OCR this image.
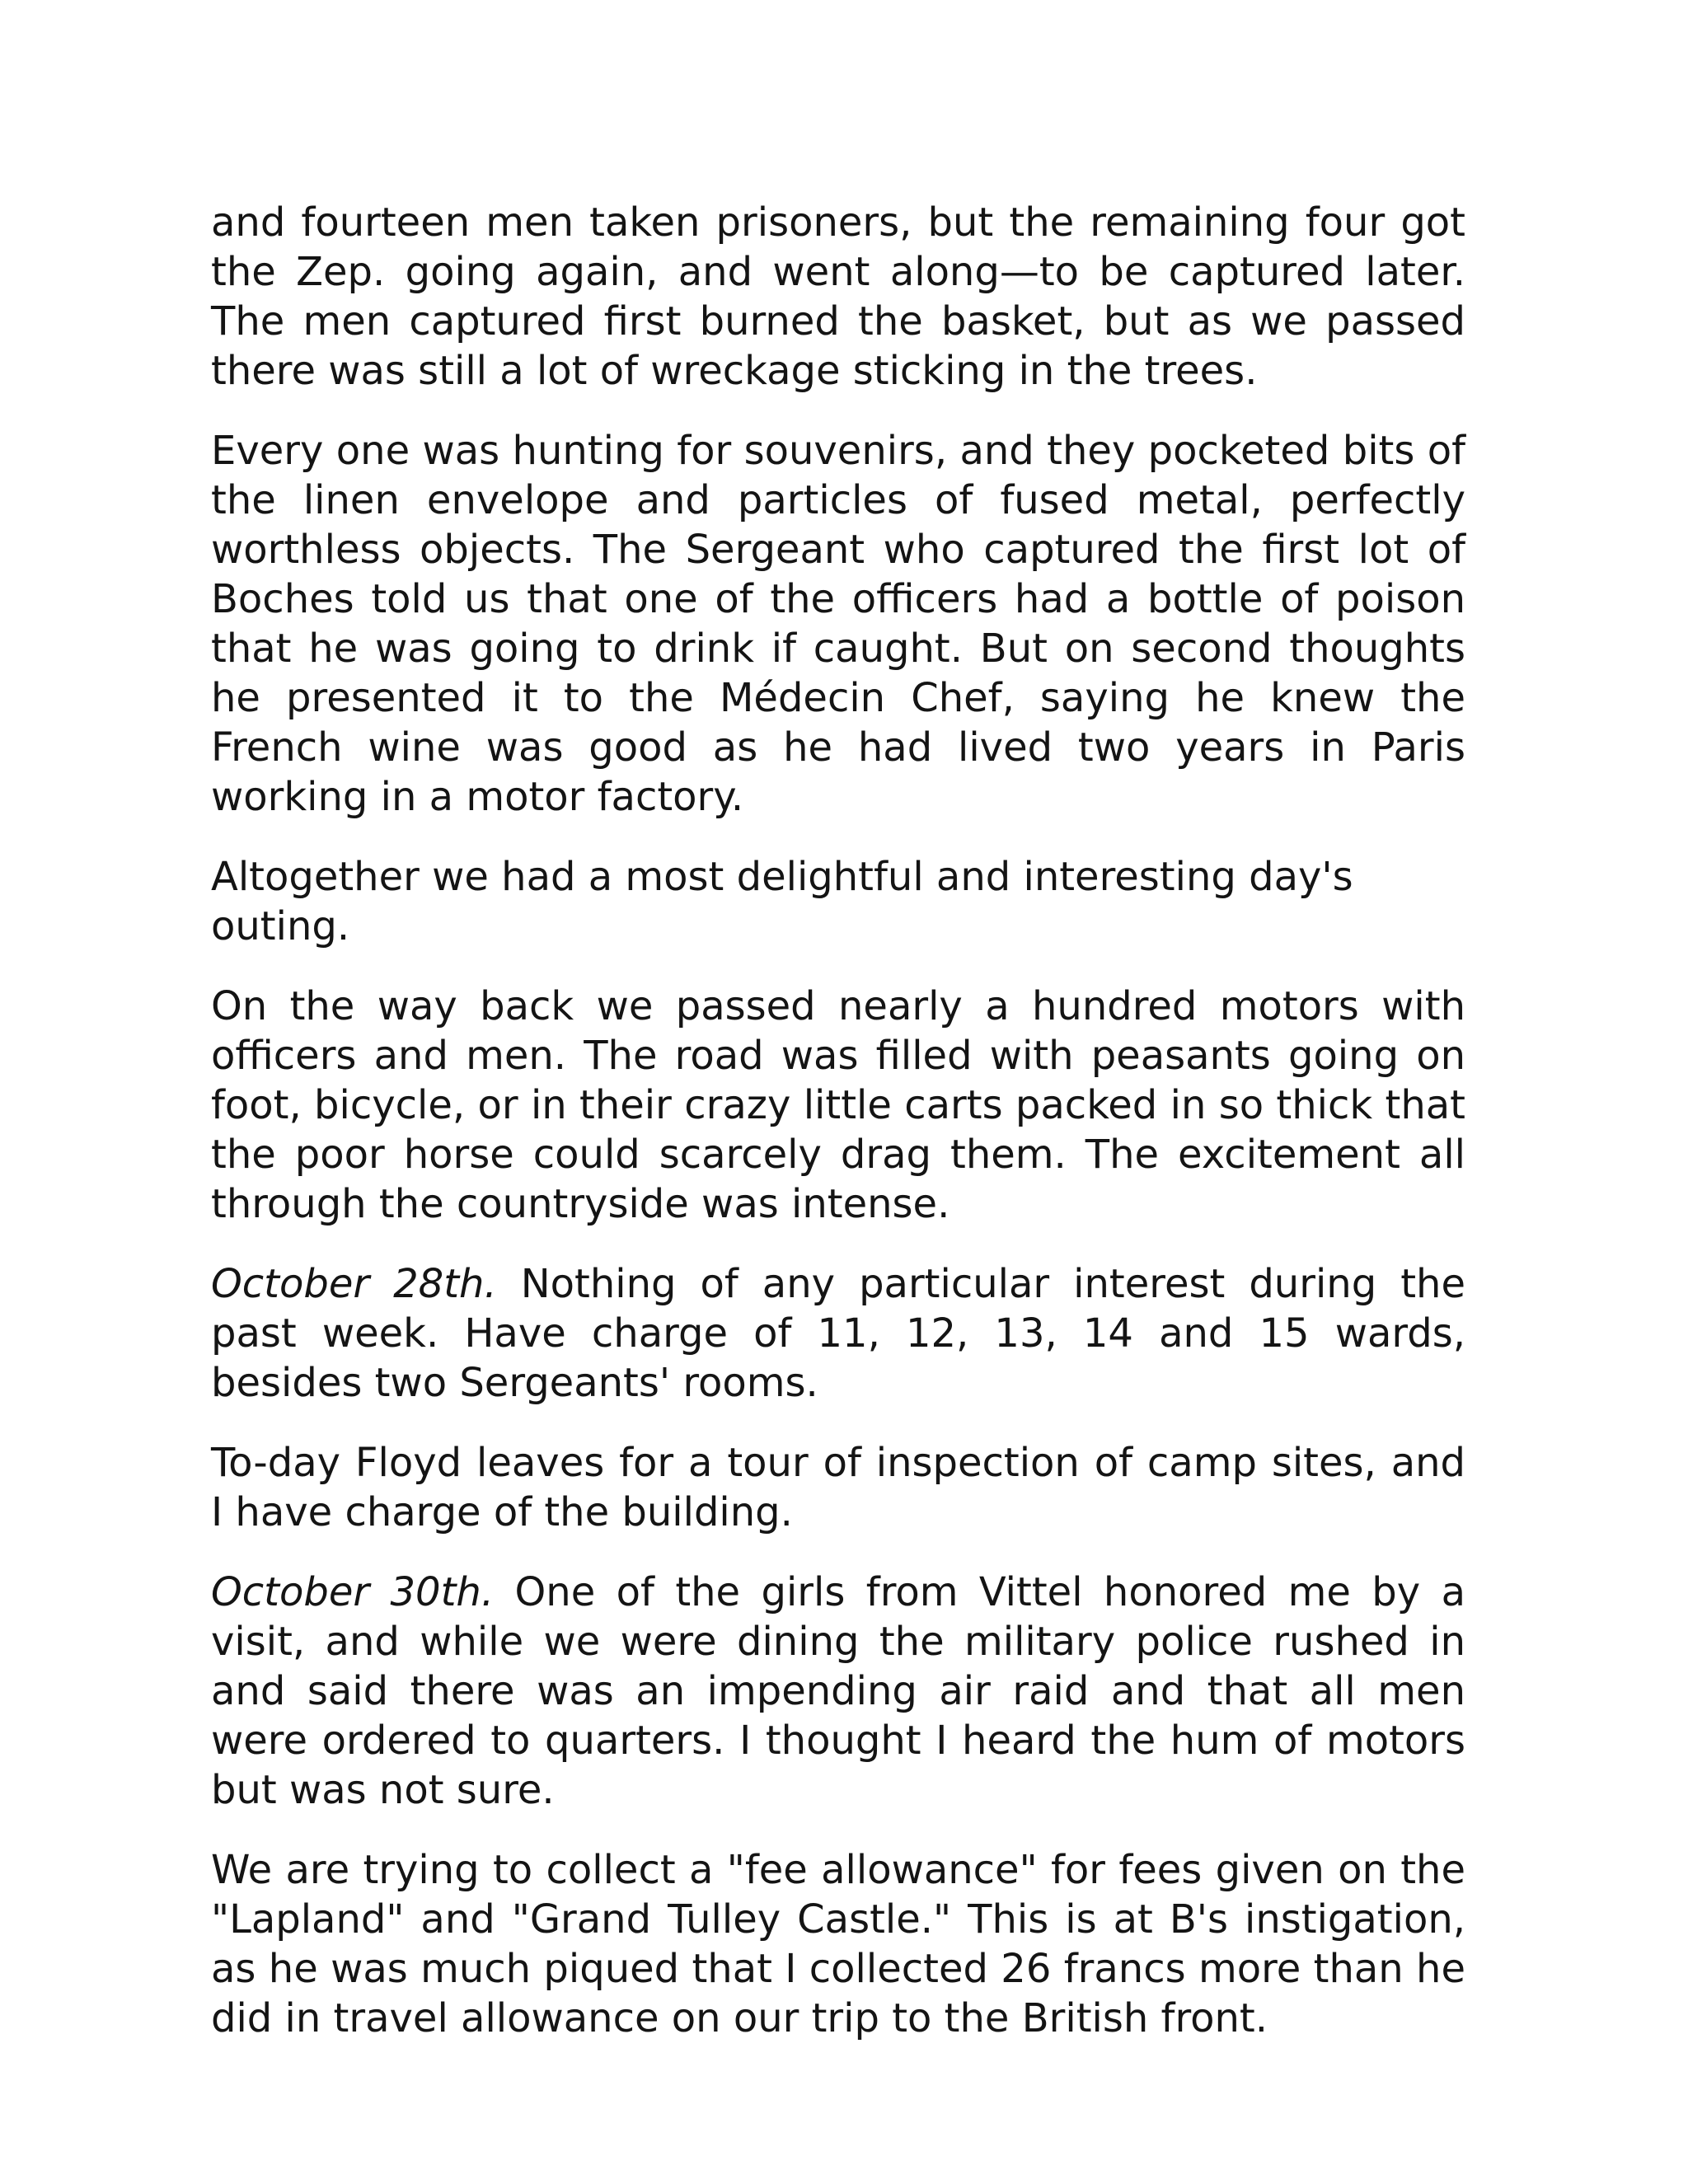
and fourteen men taken prisoners, but the remaining four got the Zep. going again, and went along—to be captured later. The men captured first burned the basket, but as we passed there was still a lot of wreckage sticking in the trees.

Every one was hunting for souvenirs, and they pocketed bits of the linen envelope and particles of fused metal, perfectly worthless objects. The Sergeant who captured the first lot of Boches told us that one of the officers had a bottle of poison that he was going to drink if caught. But on second thoughts he presented it to the Médecin Chef, saying he knew the French wine was good as he had lived two years in Paris working in a motor factory.

Altogether we had a most delightful and interesting day's outing.

On the way back we passed nearly a hundred motors with officers and men. The road was filled with peasants going on foot, bicycle, or in their crazy little carts packed in so thick that the poor horse could scarcely drag them. The excitement all through the countryside was intense.

October 28th. Nothing of any particular interest during the past week. Have charge of 11, 12, 13, 14 and 15 wards, besides two Sergeants' rooms.

To-day Floyd leaves for a tour of inspection of camp sites, and I have charge of the building.

October 30th. One of the girls from Vittel honored me by a visit, and while we were dining the military police rushed in and said there was an impending air raid and that all men were ordered to quarters. I thought I heard the hum of motors but was not sure.

We are trying to collect a "fee allowance" for fees given on the "Lapland" and "Grand Tulley Castle." This is at B's instigation, as he was much piqued that I collected 26 francs more than he did in travel allowance on our trip to the British front.
